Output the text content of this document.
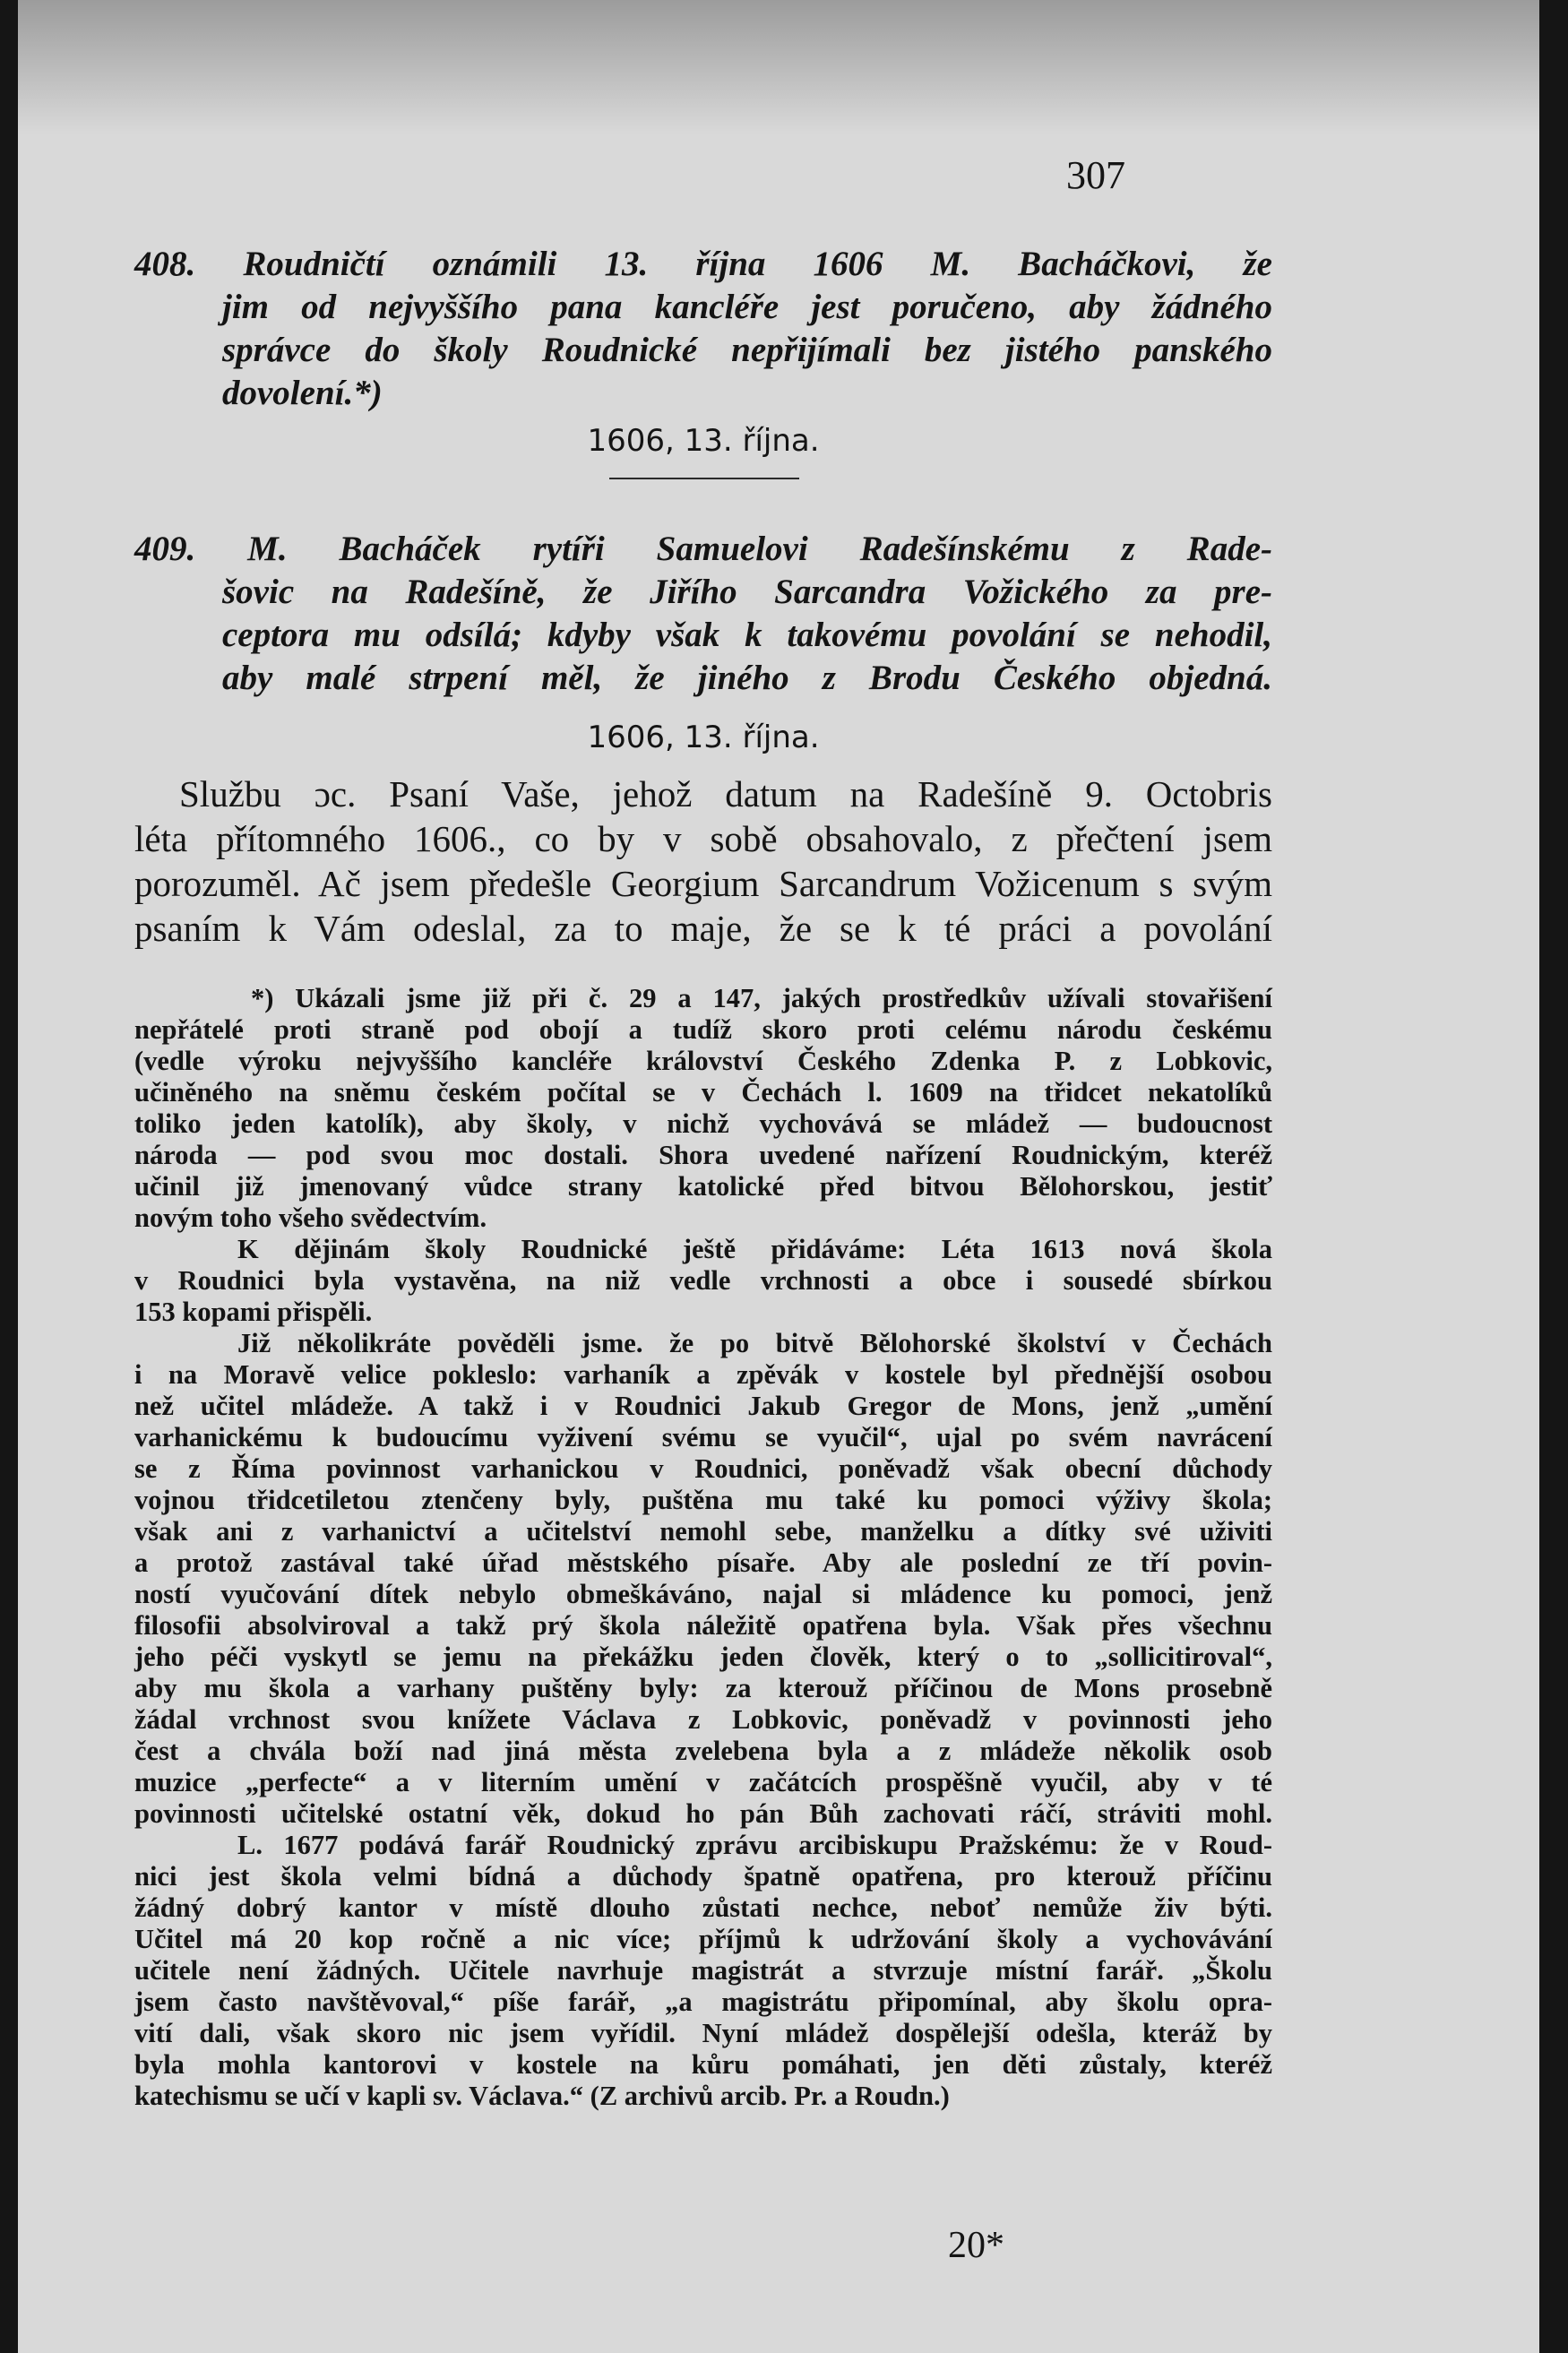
307
408. Roudničtí oznámili 13. října 1606 M. Bacháčkovi, že
jim od nejvyššího pana kancléře jest poručeno, aby žádného
správce do školy Roudnické nepřijímali bez jistého panského
dovolení.*)
1606, 13. října.
409. M. Bacháček rytíři Samuelovi Radešínskému z Rade-
šovic na Radešíně, že Jiřího Sarcandra Vožického za pre-
ceptora mu odsílá; kdyby však k takovému povolání se nehodil,
aby malé strpení měl, že jiného z Brodu Českého objedná.
1606, 13. října.
Službu ɔc. Psaní Vaše, jehož datum na Radešíně 9. Octobris
léta přítomného 1606., co by v sobě obsahovalo, z přečtení jsem
porozuměl. Ač jsem předešle Georgium Sarcandrum Vožicenum s svým
psaním k Vám odeslal, za to maje, že se k té práci a povolání
*) Ukázali jsme již při č. 29 a 147, jakých prostředkův užívali stovařišení
nepřátelé proti straně pod obojí a tudíž skoro proti celému národu českému
(vedle výroku nejvyššího kancléře království Českého Zdenka P. z Lobkovic,
učiněného na sněmu českém počítal se v Čechách l. 1609 na třidcet nekatolíků
toliko jeden katolík), aby školy, v nichž vychovává se mládež — budoucnost
národa — pod svou moc dostali. Shora uvedené nařízení Roudnickým, kteréž
učinil již jmenovaný vůdce strany katolické před bitvou Bělohorskou, jestiť
novým toho všeho svědectvím.
K dějinám školy Roudnické ještě přidáváme: Léta 1613 nová škola
v Roudnici byla vystavěna, na niž vedle vrchnosti a obce i sousedé sbírkou
153 kopami přispěli.
Již několikráte pověděli jsme. že po bitvě Bělohorské školství v Čechách
i na Moravě velice pokleslo: varhaník a zpěvák v kostele byl přednější osobou
než učitel mládeže. A takž i v Roudnici Jakub Gregor de Mons, jenž „umění
varhanickému k budoucímu vyživení svému se vyučil“, ujal po svém navrácení
se z Říma povinnost varhanickou v Roudnici, poněvadž však obecní důchody
vojnou třidcetiletou ztenčeny byly, puštěna mu také ku pomoci výživy škola;
však ani z varhanictví a učitelství nemohl sebe, manželku a dítky své uživiti
a protož zastával také úřad městského písaře. Aby ale poslední ze tří povin-
ností vyučování dítek nebylo obmeškáváno, najal si mládence ku pomoci, jenž
filosofii absolviroval a takž prý škola náležitě opatřena byla. Však přes všechnu
jeho péči vyskytl se jemu na překážku jeden člověk, který o to „sollicitiroval“,
aby mu škola a varhany puštěny byly: za kterouž příčinou de Mons prosebně
žádal vrchnost svou knížete Václava z Lobkovic, poněvadž v povinnosti jeho
čest a chvála boží nad jiná města zvelebena byla a z mládeže několik osob
muzice „perfecte“ a v literním umění v začátcích prospěšně vyučil, aby v té
povinnosti učitelské ostatní věk, dokud ho pán Bůh zachovati ráčí, stráviti mohl.
L. 1677 podává farář Roudnický zprávu arcibiskupu Pražskému: že v Roud-
nici jest škola velmi bídná a důchody špatně opatřena, pro kterouž příčinu
žádný dobrý kantor v místě dlouho zůstati nechce, neboť nemůže živ býti.
Učitel má 20 kop ročně a nic více; příjmů k udržování školy a vychovávání
učitele není žádných. Učitele navrhuje magistrát a stvrzuje místní farář. „Školu
jsem často navštěvoval,“ píše farář, „a magistrátu připomínal, aby školu opra-
vití dali, však skoro nic jsem vyřídil. Nyní mládež dospělejší odešla, kteráž by
byla mohla kantorovi v kostele na kůru pomáhati, jen děti zůstaly, kteréž
katechismu se učí v kapli sv. Václava.“ (Z archivů arcib. Pr. a Roudn.)
20*
